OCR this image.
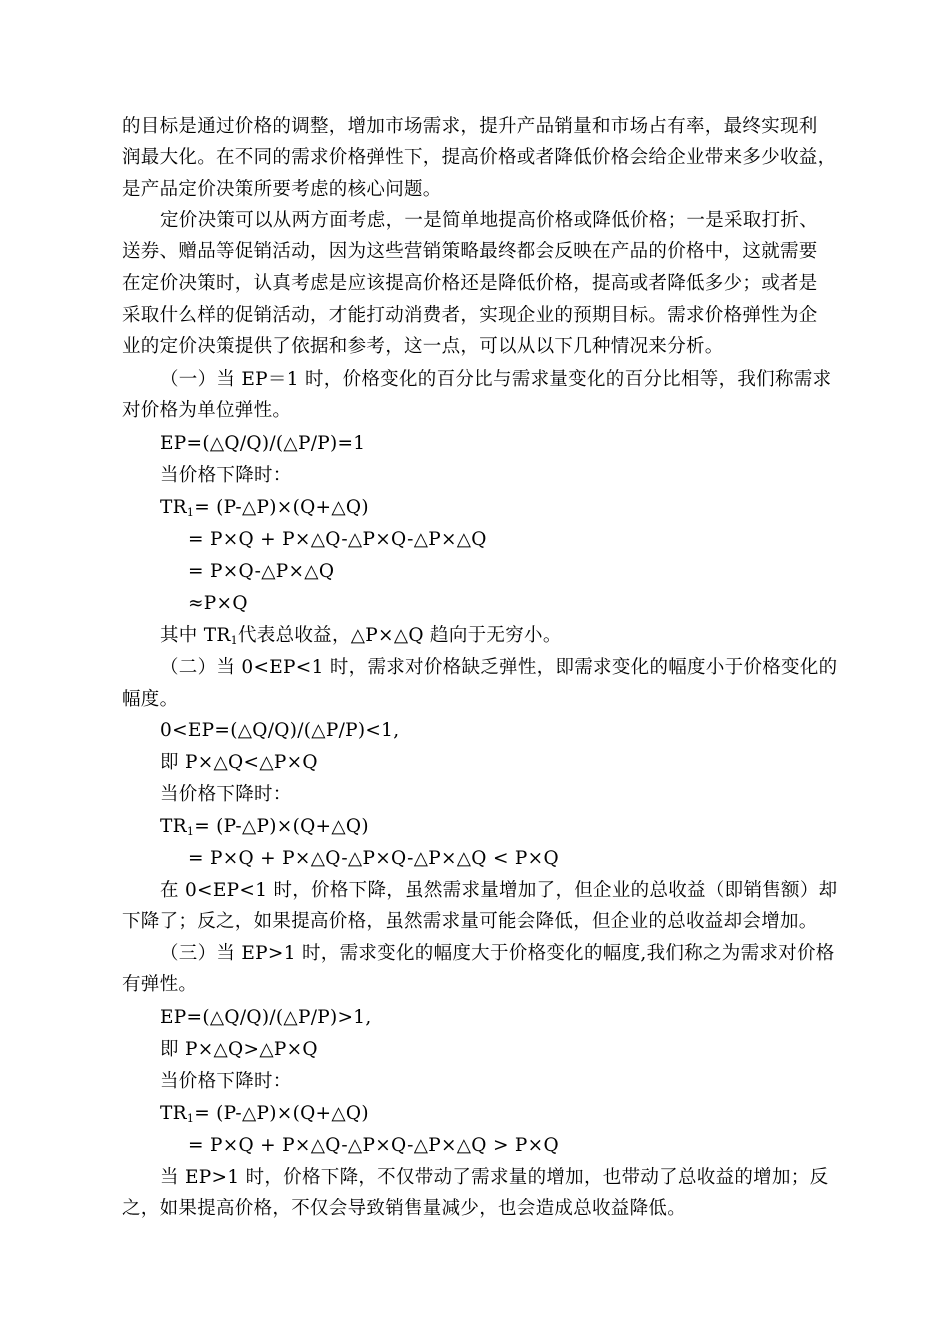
的目标是通过价格的调整，增加市场需求，提升产品销量和市场占有率，最终实现利
润最大化。在不同的需求价格弹性下，提高价格或者降低价格会给企业带来多少收益，
是产品定价决策所要考虑的核心问题。
定价决策可以从两方面考虑，一是简单地提高价格或降低价格；一是采取打折、
送券、赠品等促销活动，因为这些营销策略最终都会反映在产品的价格中，这就需要
在定价决策时，认真考虑是应该提高价格还是降低价格，提高或者降低多少；或者是
采取什么样的促销活动，才能打动消费者，实现企业的预期目标。需求价格弹性为企
业的定价决策提供了依据和参考，这一点，可以从以下几种情况来分析。
（一）当 EP＝1 时，价格变化的百分比与需求量变化的百分比相等，我们称需求
对价格为单位弹性。
EP=(△Q/Q)/(△P/P)=1
当价格下降时：
$TR_1=$ (P-△P)×(Q+△Q)
= P×Q + P×△Q-△P×Q-△P×△Q
= P×Q-△P×△Q
≈P×Q
其中 $TR_1$代表总收益，△P×△Q 趋向于无穷小。
（二）当 0<EP<1 时，需求对价格缺乏弹性，即需求变化的幅度小于价格变化的
幅度。
0<EP=(△Q/Q)/(△P/P)<1,
即 P×△Q<△P×Q
当价格下降时：
$TR_1=$ (P-△P)×(Q+△Q)
= P×Q + P×△Q-△P×Q-△P×△Q < P×Q
在 0<EP<1 时，价格下降，虽然需求量增加了，但企业的总收益（即销售额）却
下降了；反之，如果提高价格，虽然需求量可能会降低，但企业的总收益却会增加。
（三）当 EP>1 时，需求变化的幅度大于价格变化的幅度,我们称之为需求对价格
有弹性。
EP=(△Q/Q)/(△P/P)>1,
即 P×△Q>△P×Q
当价格下降时：
$TR_1=$ (P-△P)×(Q+△Q)
= P×Q + P×△Q-△P×Q-△P×△Q > P×Q
当 EP>1 时，价格下降，不仅带动了需求量的增加，也带动了总收益的增加；反
之，如果提高价格，不仅会导致销售量减少，也会造成总收益降低。
